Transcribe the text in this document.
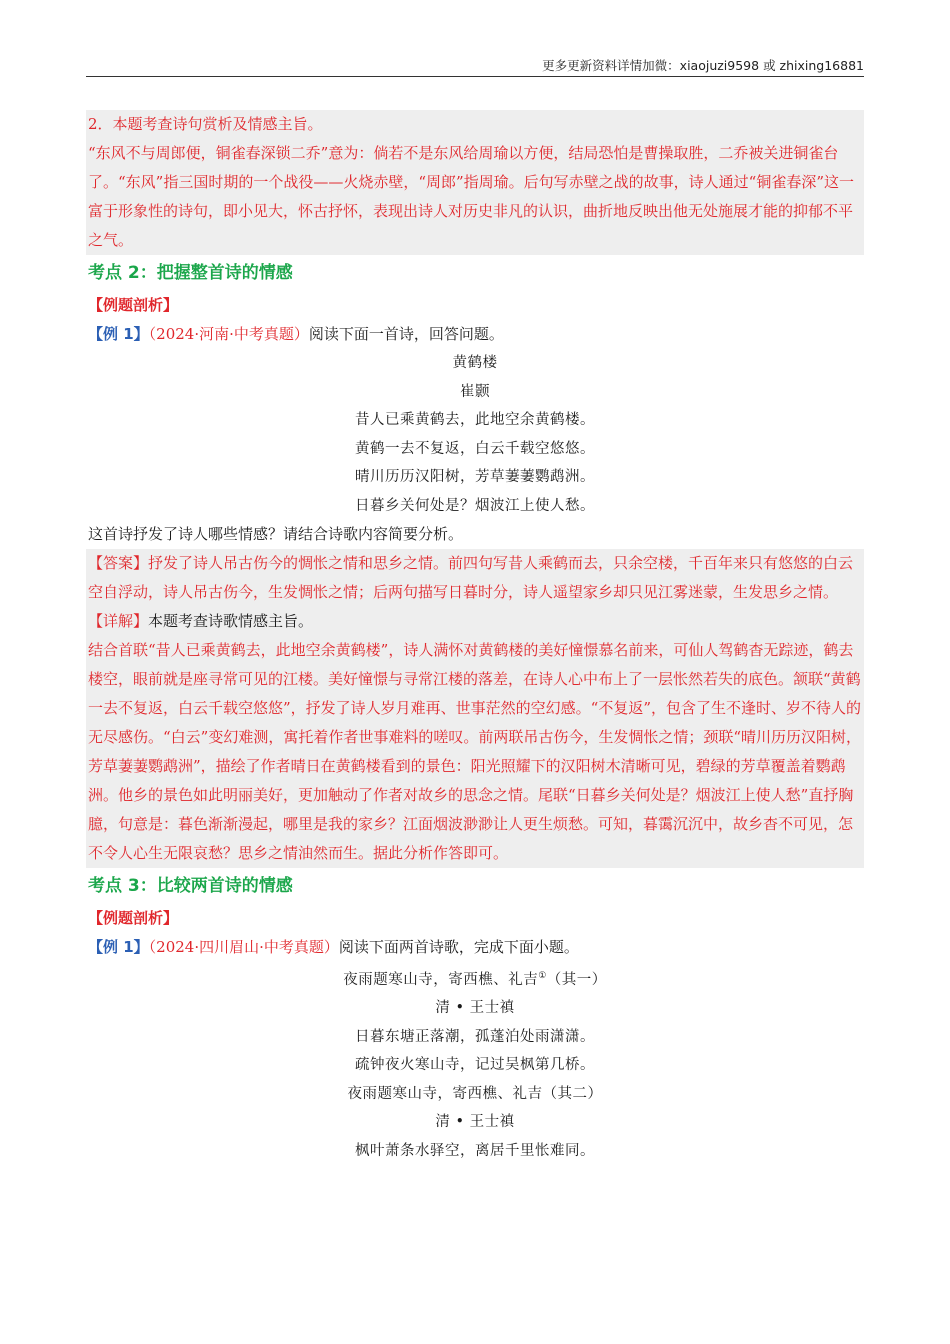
更多更新资料详情加微：xiaojuzi9598 或 zhixing16881

2．本题考查诗句赏析及情感主旨。

“东风不与周郎便，铜雀春深锁二乔”意为：倘若不是东风给周瑜以方便，结局恐怕是曹操取胜，二乔被关进铜雀台了。“东风”指三国时期的一个战役——火烧赤壁，“周郎”指周瑜。后句写赤壁之战的故事，诗人通过“铜雀春深”这一富于形象性的诗句，即小见大，怀古抒怀，表现出诗人对历史非凡的认识，曲折地反映出他无处施展才能的抑郁不平之气。

考点 2：把握整首诗的情感
【例题剖析】
【例 1】（2024·河南·中考真题）阅读下面一首诗，回答问题。
黄鹤楼
崔颢
昔人已乘黄鹤去，此地空余黄鹤楼。
黄鹤一去不复返，白云千载空悠悠。
晴川历历汉阳树，芳草萋萋鹦鹉洲。
日暮乡关何处是？烟波江上使人愁。

这首诗抒发了诗人哪些情感？请结合诗歌内容简要分析。

【答案】抒发了诗人吊古伤今的惆怅之情和思乡之情。前四句写昔人乘鹤而去，只余空楼，千百年来只有悠悠的白云空自浮动，诗人吊古伤今，生发惆怅之情；后两句描写日暮时分，诗人遥望家乡却只见江雾迷蒙，生发思乡之情。

【详解】本题考查诗歌情感主旨。

结合首联“昔人已乘黄鹤去，此地空余黄鹤楼”，诗人满怀对黄鹤楼的美好憧憬慕名前来，可仙人驾鹤杳无踪迹，鹤去楼空，眼前就是座寻常可见的江楼。美好憧憬与寻常江楼的落差，在诗人心中布上了一层怅然若失的底色。颔联“黄鹤一去不复返，白云千载空悠悠”，抒发了诗人岁月难再、世事茫然的空幻感。“不复返”，包含了生不逢时、岁不待人的无尽感伤。“白云”变幻难测，寓托着作者世事难料的嗟叹。前两联吊古伤今，生发惆怅之情；颈联“晴川历历汉阳树，芳草萋萋鹦鹉洲”，描绘了作者晴日在黄鹤楼看到的景色：阳光照耀下的汉阳树木清晰可见，碧绿的芳草覆盖着鹦鹉洲。他乡的景色如此明丽美好，更加触动了作者对故乡的思念之情。尾联“日暮乡关何处是？烟波江上使人愁”直抒胸臆，句意是：暮色渐渐漫起，哪里是我的家乡？江面烟波渺渺让人更生烦愁。可知，暮霭沉沉中，故乡杳不可见，怎不令人心生无限哀愁？思乡之情油然而生。据此分析作答即可。

考点 3：比较两首诗的情感
【例题剖析】
【例 1】（2024·四川眉山·中考真题）阅读下面两首诗歌，完成下面小题。
夜雨题寒山寺，寄西樵、礼吉①（其一）
清 • 王士禛
日暮东塘正落潮，孤蓬泊处雨潇潇。
疏钟夜火寒山寺，记过吴枫第几桥。
夜雨题寒山寺，寄西樵、礼吉（其二）
清 • 王士禛
枫叶萧条水驿空，离居千里怅难同。
